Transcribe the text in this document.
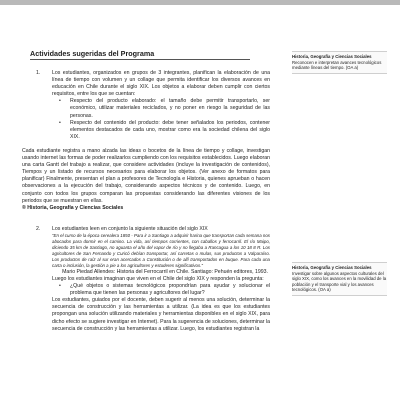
Actividades sugeridas del Programa
1.	Los estudiantes, organizados en grupos de 3 integrantes, planifican la elaboración de una línea de tiempo con volumen y un collage que permita identificar los diversos avances en educación en Chile durante el siglo XIX. Los objetos a elaborar deben cumplir con ciertos requisitos, entre los que se cuentan:

• Respecto del producto elaborado: el tamaño debe permitir transportarlo, ser económico, utilizar materiales reciclados, y no poner en riesgo la seguridad de las personas.
• Respecto del contenido del producto: debe tener señalados los periodos, contener elementos destacados de cada uno, mostrar como era la sociedad chilena del siglo XIX.

Cada estudiante registra a mano alzada las ideas o bocetos de la línea de tiempo y collage, investigan usando internet las formas de poder realizarlos cumpliendo con los requisitos establecidos. Luego elaboran una carta Gantt del trabajo a realizar, que considere actividades (incluye la investigación de contenidos), Tiempos y un listado de recursos necesarios para elaborar los objetos. (Ver anexo de formatos para planificar) Finalmente, presentan el plan a profesores de Tecnología e Historia, quienes aprueban o hacen observaciones a la ejecución del trabajo, considerando aspectos técnicos y de contenido. Luego, en conjunto con todos los grupos comparan las propuestas considerando las diferentes visiones de los periodos que se muestran en ellas.

® Historia, Geografía y Ciencias Sociales

2.	Los estudiantes leen en conjunto la siguiente situación del siglo XIX

"En el curso de la época cerealera 1850 - Para ir a Santiago a adquirir harina que transportan cada semana nos abocados para dormir en el camino. La vida, así tiempos corrientes, con caballos y ferrocarril. El río Maipo, diciendo 35 km de Santiago, no aguanta el año del vapor de río y no llegaba a Rancagua a los 10 18 8 R. Los agricultores de San Fernando y Curicó debían transportar, así carretas o mulas, sus productos a Valparaíso. Los productos de raíz al sur eran acercados a Constitución o de allí transportados en buque. Para cada una carta o inclusión, la gestión a pie a los agricultores y estuderes significativos."

Mario Piedad Allendes: Historia del Ferrocarril en Chile. Santiago: Pehuén editores, 1993.

Luego los estudiantes imaginan que viven en el Chile del siglo XIX y responden la pregunta:

• ¿Qué objetos o sistemas tecnológicos propondrían para ayudar y solucionar el problema que tienen las personas y agricultores del lugar?

Los estudiantes, guiados por el docente, deben sugerir al menos una solución, determinar la secuencia de construcción y las herramientas a utilizar. (La idea es que los estudiantes propongan una solución utilizando materiales y herramientas disponibles en el siglo XIX, para dicho efecto se sugiere investigar en Internet). Para la sugerencia de soluciones, determinar la secuencia de construcción y las herramientas a utilizar. Luego, los estudiantes registran la

Historia, Geografía y Ciencias Sociales
Reconocen e interpretan avances tecnológicos mediante líneas del tiempo. (OA a)
Historia, Geografía y Ciencias Sociales
Investigar sobre algunos aspectos culturales del siglo XIX, como los avances en la movilidad de la población y el transporte vial y los avances tecnológicos. (OA a)
